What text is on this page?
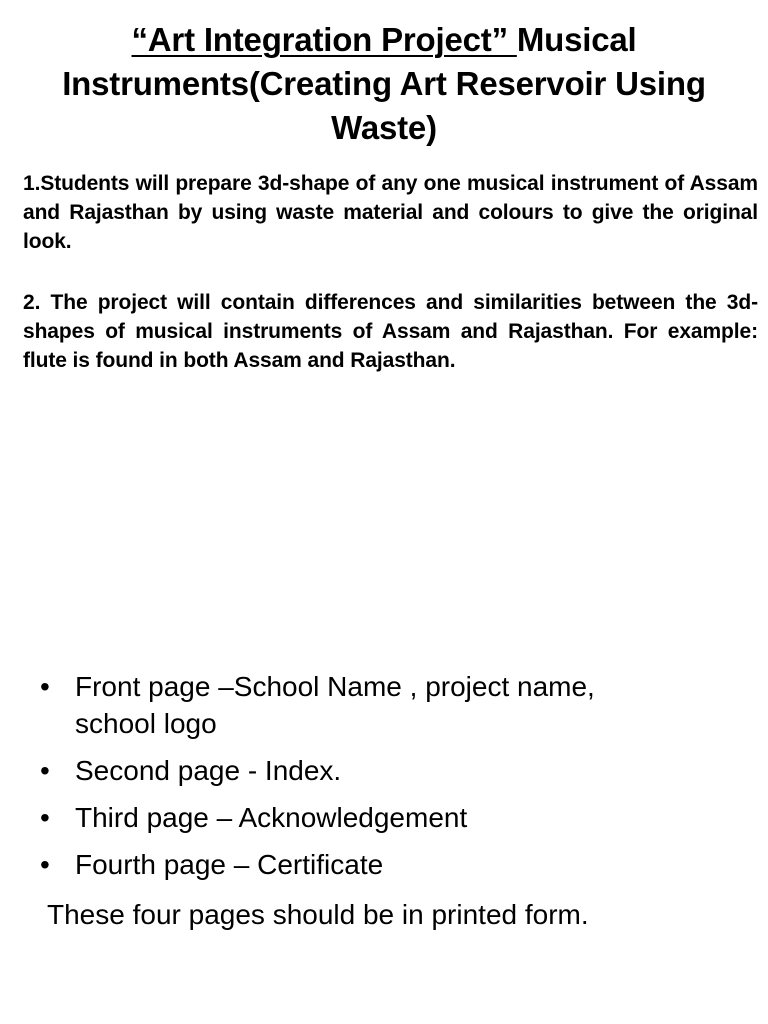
“Art Integration Project” Musical Instruments(Creating Art Reservoir Using Waste)
1.Students will prepare 3d-shape of any one musical instrument of Assam and Rajasthan by using waste material and colours to give the original look.
2. The project will contain differences and similarities between the 3d-shapes of musical instruments of Assam and Rajasthan. For example: flute is found in both Assam and Rajasthan.
• Front page –School Name , project name, school logo
• Second page - Index.
• Third page – Acknowledgement
• Fourth page – Certificate
These four pages should be in printed form.
